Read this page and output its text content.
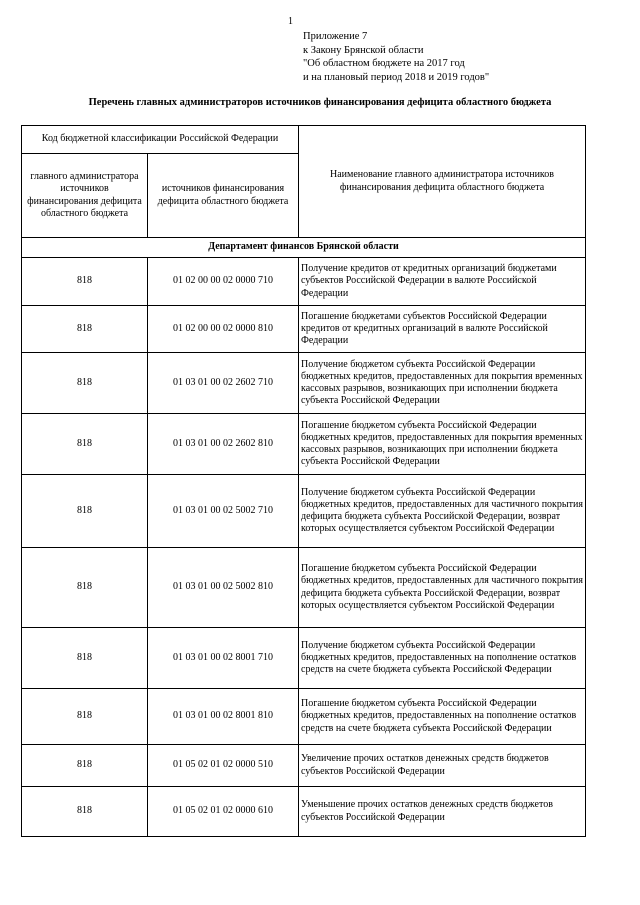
1
Приложение 7
к Закону Брянской области
"Об областном бюджете на 2017 год
и на плановый период 2018 и 2019 годов"
Перечень главных администраторов источников финансирования дефицита областного бюджета
Код бюджетной классификации Российской Федерации		Наименование главного администратора источников финансирования дефицита областного бюджета
главного администратора источников финансирования дефицита областного бюджета	источников финансирования дефицита областного бюджета	
Департамент финансов Брянской области		
818	01 02 00 00 02 0000 710	Получение кредитов от кредитных организаций бюджетами субъектов Российской Федерации в валюте Российской Федерации
818	01 02 00 00 02 0000 810	Погашение бюджетами субъектов Российской Федерации кредитов от кредитных организаций в валюте Российской Федерации
818	01 03 01 00 02 2602 710	Получение бюджетом субъекта Российской Федерации бюджетных кредитов, предоставленных для покрытия временных кассовых разрывов, возникающих при исполнении бюджета субъекта Российской Федерации
818	01 03 01 00 02 2602 810	Погашение бюджетом субъекта Российской Федерации бюджетных кредитов, предоставленных для покрытия временных кассовых разрывов, возникающих при исполнении бюджета субъекта Российской Федерации
818	01 03 01 00 02 5002 710	Получение бюджетом субъекта Российской Федерации бюджетных кредитов, предоставленных для частичного покрытия дефицита бюджета субъекта Российской Федерации, возврат которых осуществляется субъектом Российской Федерации
818	01 03 01 00 02 5002 810	Погашение бюджетом субъекта Российской Федерации бюджетных кредитов, предоставленных для частичного покрытия дефицита бюджета субъекта Российской Федерации, возврат которых осуществляется субъектом Российской Федерации
818	01 03 01 00 02 8001 710	Получение бюджетом субъекта Российской Федерации бюджетных кредитов, предоставленных на пополнение остатков средств на счете бюджета субъекта Российской Федерации
818	01 03 01 00 02 8001 810	Погашение бюджетом субъекта Российской Федерации бюджетных кредитов, предоставленных на пополнение остатков средств на счете бюджета субъекта Российской Федерации
818	01 05 02 01 02 0000 510	Увеличение прочих остатков денежных средств бюджетов субъектов Российской Федерации
818	01 05 02 01 02 0000 610	Уменьшение прочих остатков денежных средств бюджетов субъектов Российской Федерации
